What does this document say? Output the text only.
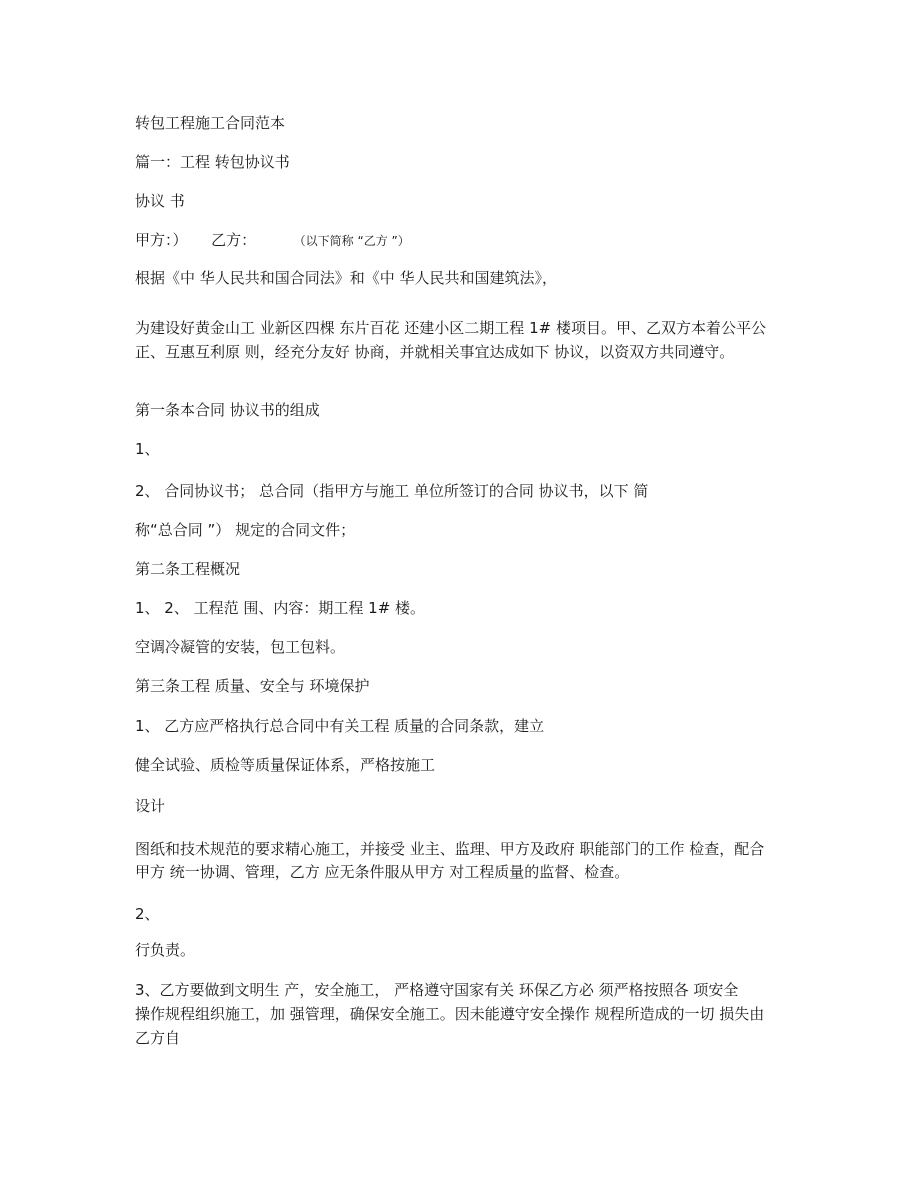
转包工程施工合同范本
篇一：工程 转包协议书
协议 书
甲方：） 乙方：	（以下简称 “乙方 ”）
根据《中 华人民共和国合同法》和《中 华人民共和国建筑法》，
为建设好黄金山工 业新区四棵 东片百花 还建小区二期工程 1# 楼项目。甲、乙双方本着公平公
正、互惠互利原 则，经充分友好 协商，并就相关事宜达成如下 协议，以资双方共同遵守。
第一条本合同 协议书的组成
1、
2、 合同协议书； 总合同（指甲方与施工 单位所签订的合同 协议书，以下 简
称“总合同 ”） 规定的合同文件；
第二条工程概况
1、 2、 工程范 围、内容：期工程 1# 楼。
空调冷凝管的安装，包工包料。
第三条工程 质量、安全与 环境保护
1、 乙方应严格执行总合同中有关工程 质量的合同条款，建立
健全试验、质检等质量保证体系，严格按施工
设计
图纸和技术规范的要求精心施工，并接受 业主、监理、甲方及政府 职能部门的工作 检查，配合
甲方 统一协调、管理，乙方 应无条件服从甲方 对工程质量的监督、检查。
2、
行负责。
3、乙方要做到文明生 产，安全施工， 严格遵守国家有关 环保乙方必 须严格按照各 项安全
操作规程组织施工，加 强管理，确保安全施工。因未能遵守安全操作 规程所造成的一切 损失由
乙方自
